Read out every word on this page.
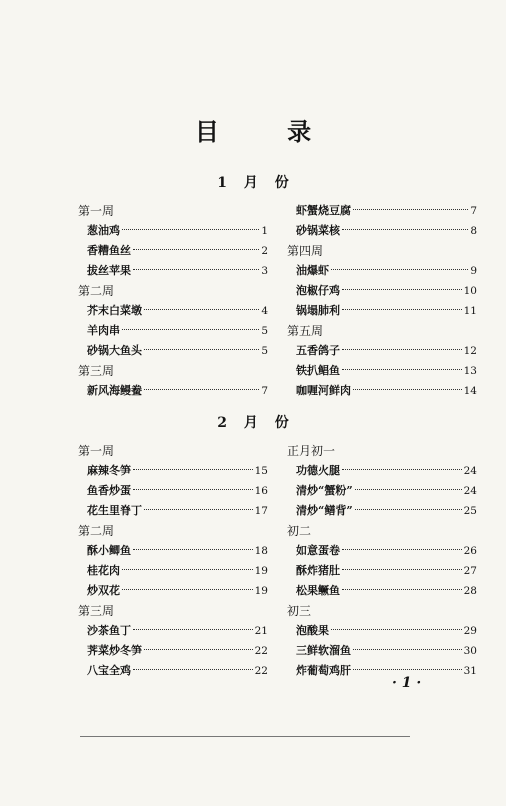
目 录
1 月 份
第一周
葱油鸡	1
香糟鱼丝	2
拔丝苹果	3
第二周
芥末白菜墩	4
羊肉串	5
砂锅大鱼头	5
第三周
新风海鳗鲞	7
虾蟹烧豆腐	7
砂锅菜核	8
第四周
油爆虾	9
泡椒仔鸡	10
锅塌肺利	11
第五周
五香鸽子	12
铁扒鲳鱼	13
咖喱河鲜肉	14
2 月 份
第一周
麻辣冬笋	15
鱼香炒蛋	16
花生里脊丁	17
第二周
酥小鲫鱼	18
桂花肉	19
炒双花	19
第三周
沙茶鱼丁	21
荠菜炒冬笋	22
八宝全鸡	22
正月初一
功德火腿	24
清炒“蟹粉”	24
清炒“鳝背”	25
初二
如意蛋卷	26
酥炸猪肚	27
松果鳜鱼	28
初三
泡酸果	29
三鲜软溜鱼	30
炸葡萄鸡肝	31
· 1 ·
